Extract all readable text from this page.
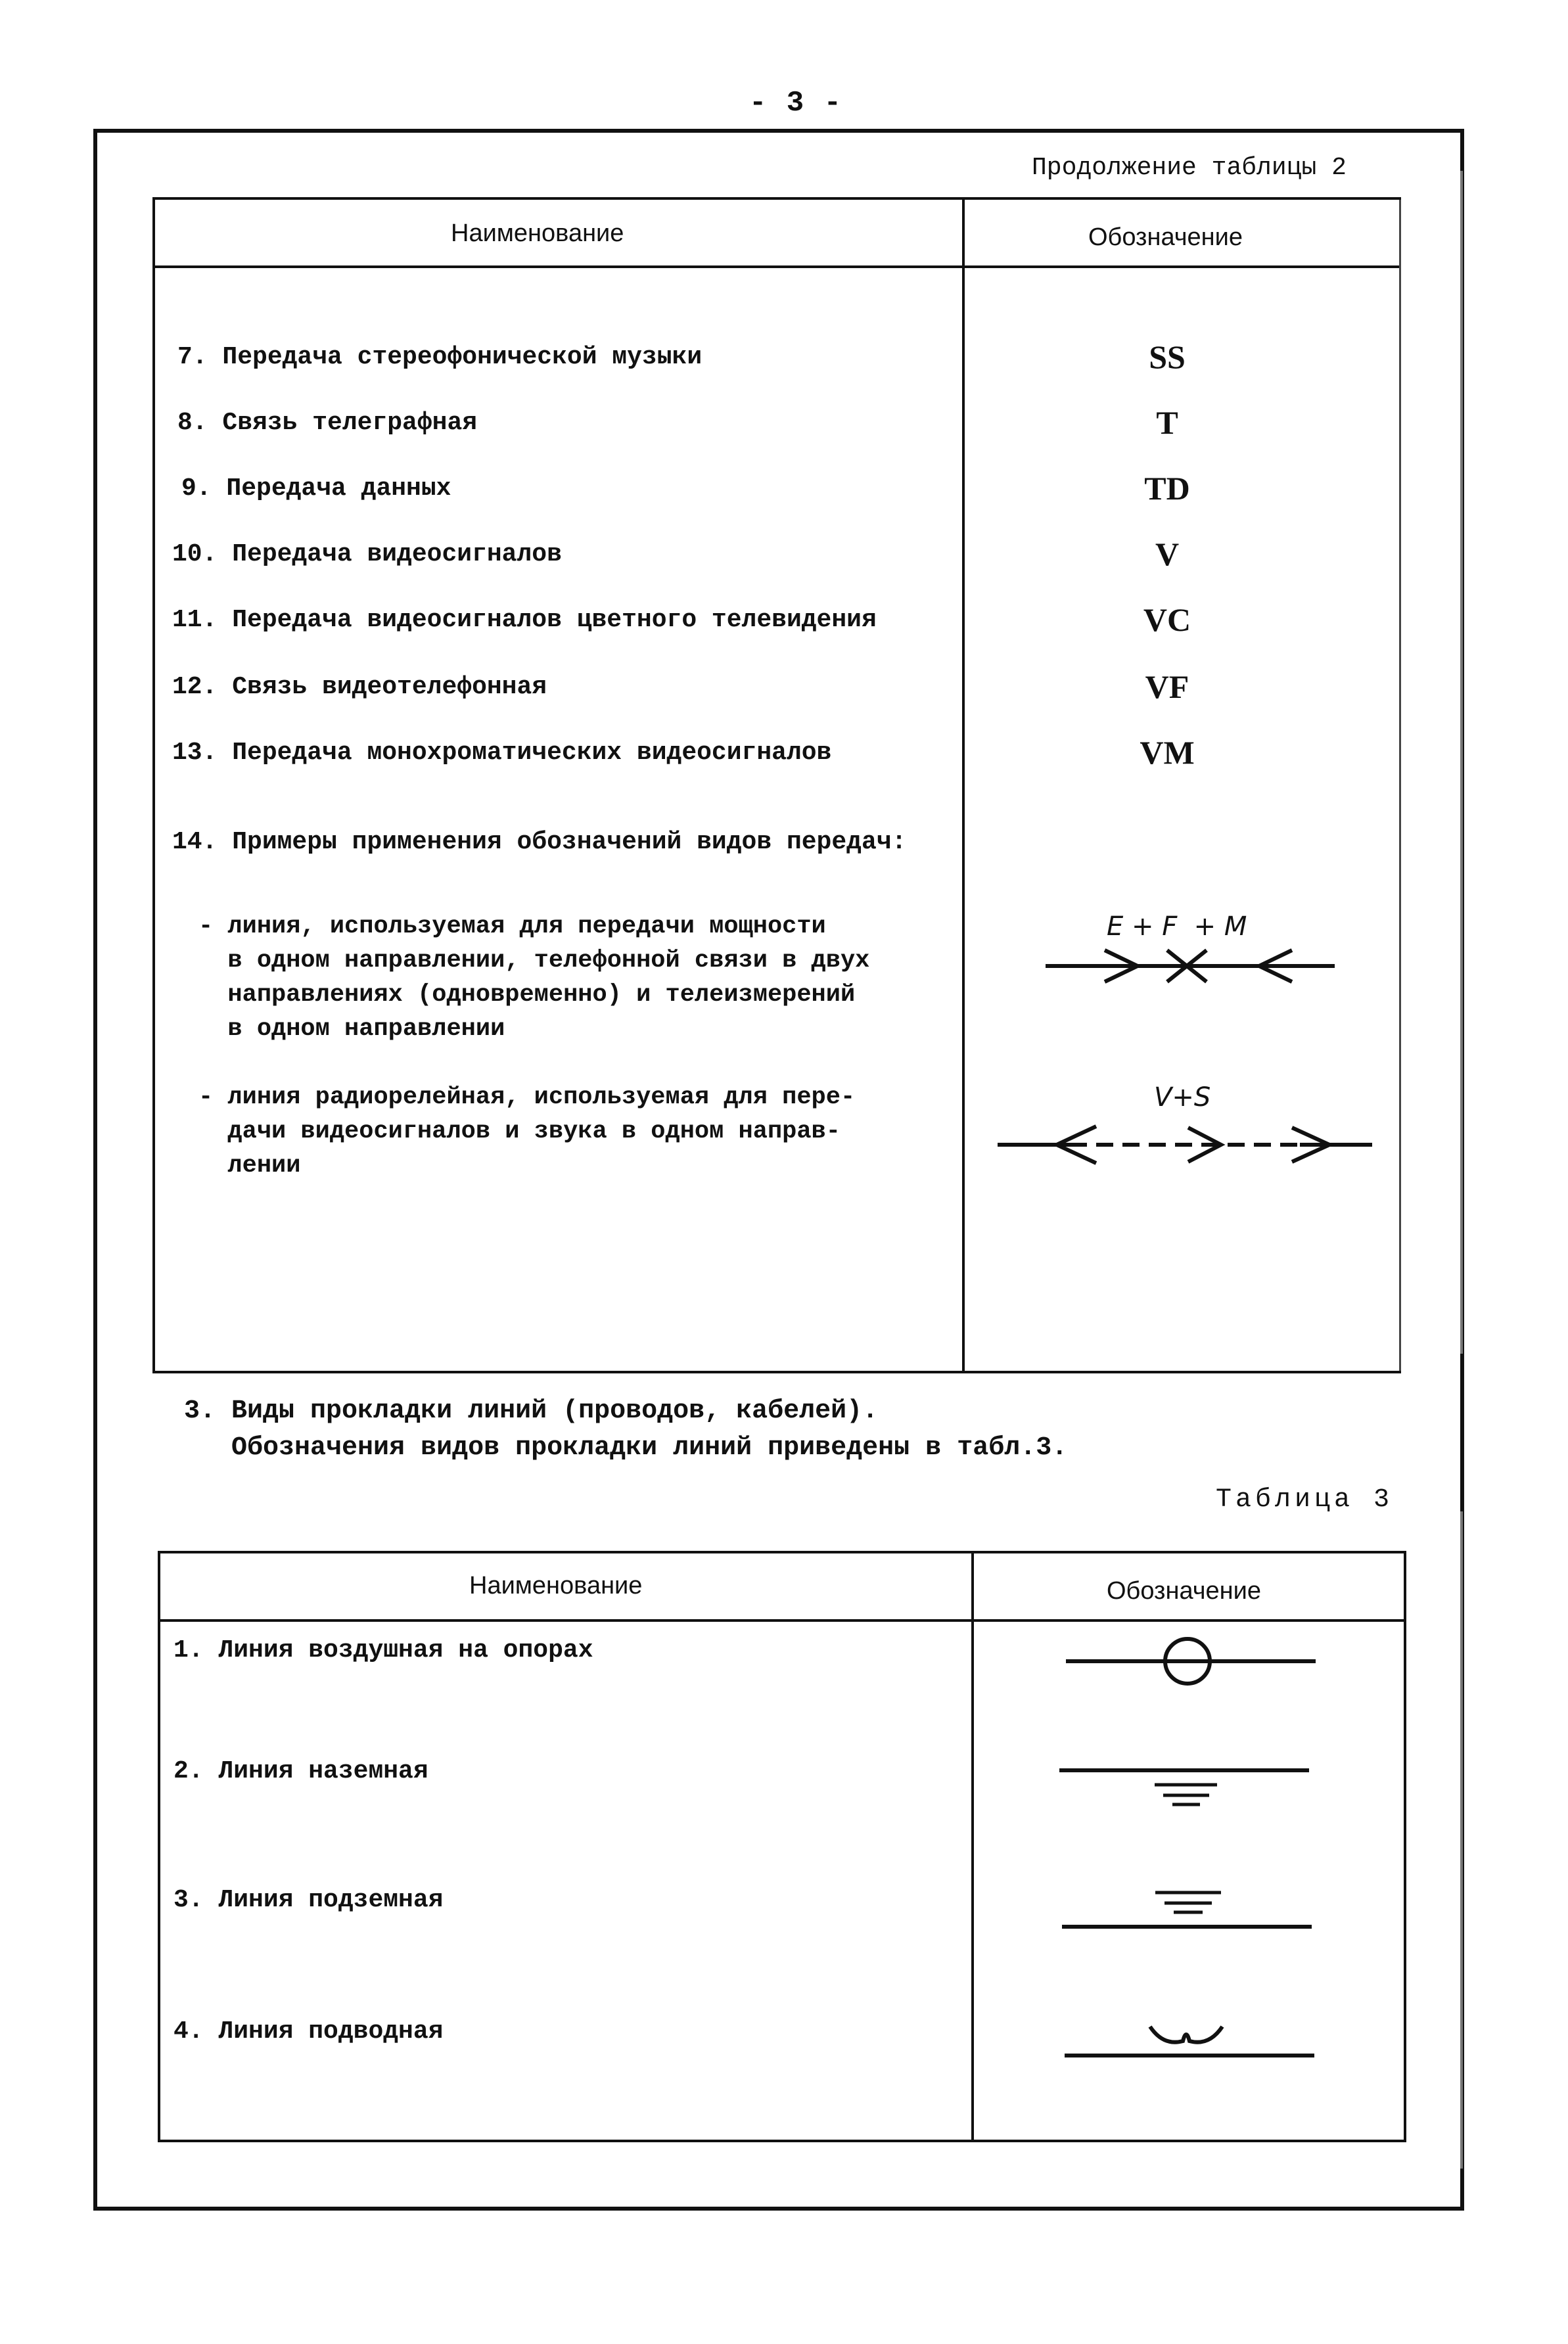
- 3 -
Продолжение таблицы 2
Наименование	Обозначение
7. Передача стереофонической музыки	SS
8. Связь телеграфная	T
9. Передача данных	TD
10. Передача видеосигналов	V
11. Передача видеосигналов цветного телевидения	VC
12. Связь видеотелефонная	VF
13. Передача монохроматических видеосигналов	VM
14. Примеры применения обозначений видов передач:
- линия, используемая для передачи мощности
в одном направлении, телефонной связи в двух
направлениях (одновременно) и телеизмерений
в одном направлении
E + F  + M
- линия радиорелейная, используемая для пере-
дачи видеосигналов и звука в одном направ-
лении
V+S
3. Виды прокладки линий (проводов, кабелей).
Обозначения видов прокладки линий приведены в табл.3.
Таблица 3
Наименование	Обозначение
1. Линия воздушная на опорах
2. Линия наземная
3. Линия подземная
4. Линия подводная
